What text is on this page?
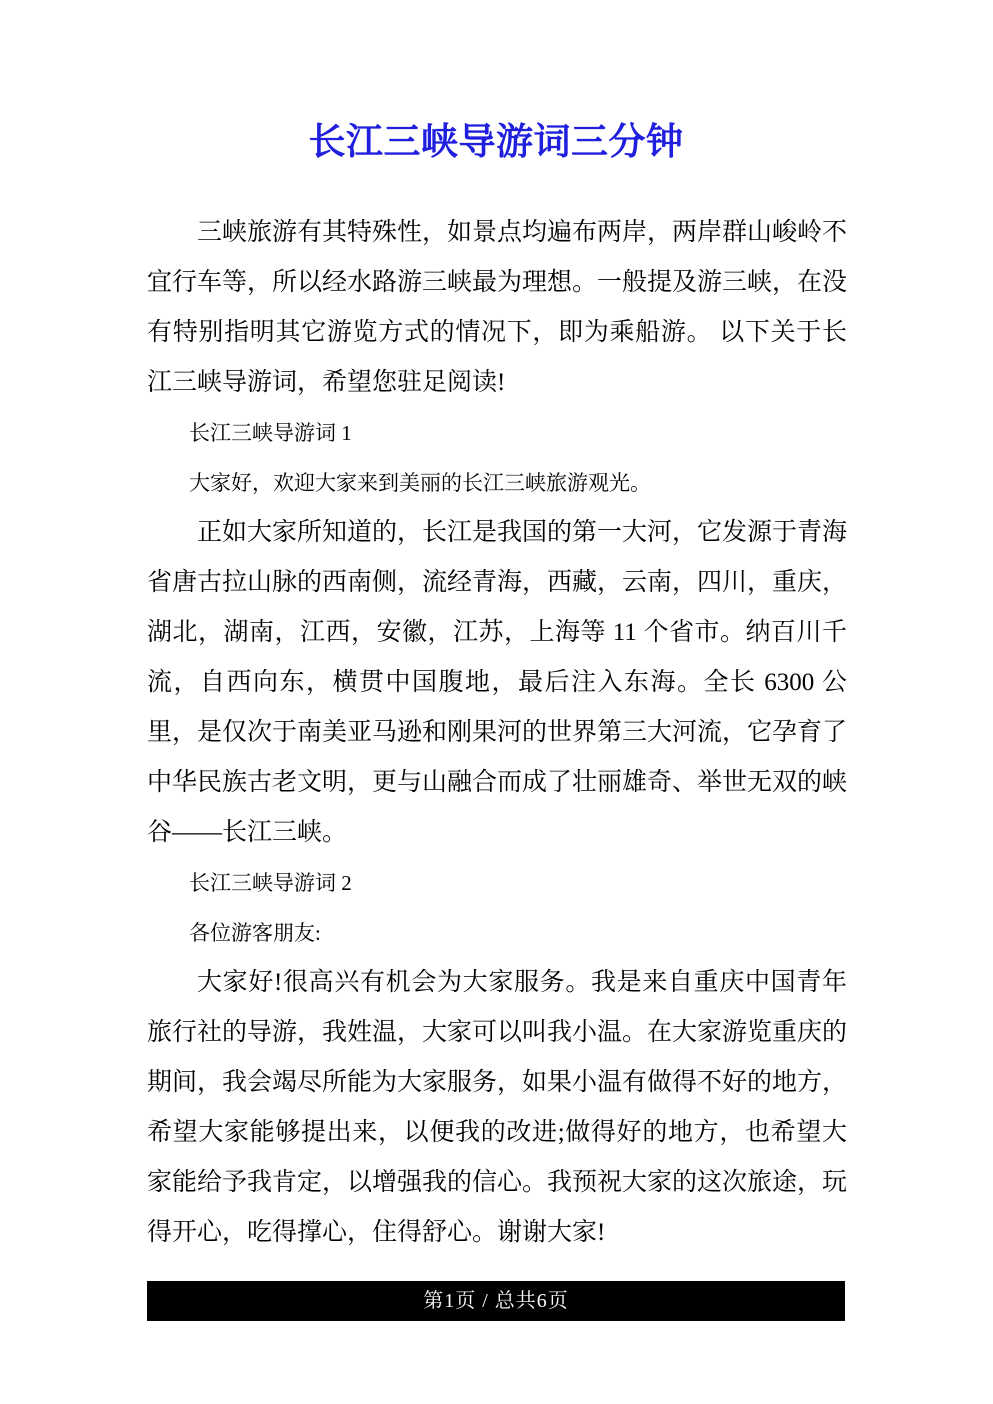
长江三峡导游词三分钟

三峡旅游有其特殊性，如景点均遍布两岸，两岸群山峻岭不宜行车等，所以经水路游三峡最为理想。一般提及游三峡，在没有特别指明其它游览方式的情况下，即为乘船游。 以下关于长江三峡导游词，希望您驻足阅读!

长江三峡导游词 1

大家好，欢迎大家来到美丽的长江三峡旅游观光。

正如大家所知道的，长江是我国的第一大河，它发源于青海省唐古拉山脉的西南侧，流经青海，西藏，云南，四川，重庆，湖北，湖南，江西，安徽，江苏，上海等 11 个省市。纳百川千流，自西向东，横贯中国腹地，最后注入东海。全长 6300 公里，是仅次于南美亚马逊和刚果河的世界第三大河流，它孕育了中华民族古老文明，更与山融合而成了壮丽雄奇、举世无双的峡谷——长江三峡。

长江三峡导游词 2

各位游客朋友:

大家好!很高兴有机会为大家服务。我是来自重庆中国青年旅行社的导游，我姓温，大家可以叫我小温。在大家游览重庆的期间，我会竭尽所能为大家服务，如果小温有做得不好的地方，希望大家能够提出来，以便我的改进;做得好的地方，也希望大家能给予我肯定，以增强我的信心。我预祝大家的这次旅途，玩得开心，吃得撑心，住得舒心。谢谢大家!

第1页 / 总共6页
